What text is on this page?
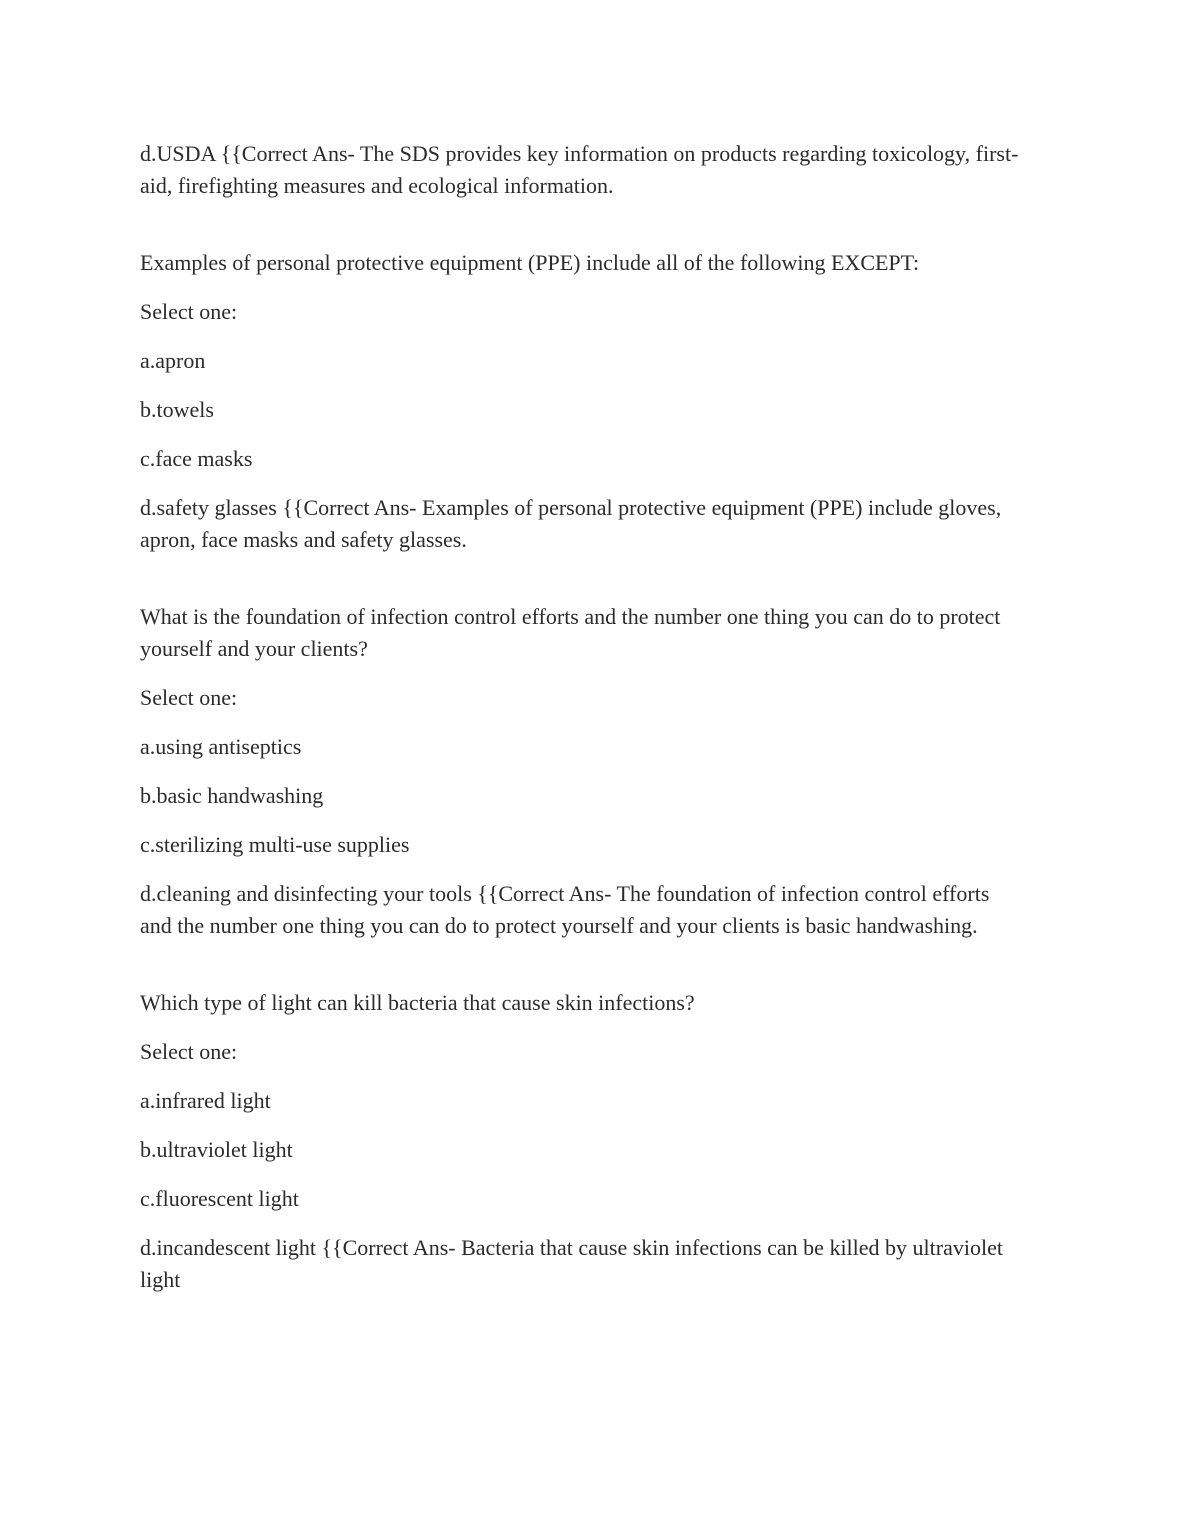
d.USDA {{Correct Ans- The SDS provides key information on products regarding toxicology, first-aid, firefighting measures and ecological information.

Examples of personal protective equipment (PPE) include all of the following EXCEPT:

Select one:

a.apron

b.towels

c.face masks

d.safety glasses {{Correct Ans- Examples of personal protective equipment (PPE) include gloves, apron, face masks and safety glasses.

What is the foundation of infection control efforts and the number one thing you can do to protect yourself and your clients?

Select one:

a.using antiseptics

b.basic handwashing

c.sterilizing multi-use supplies

d.cleaning and disinfecting your tools {{Correct Ans- The foundation of infection control efforts and the number one thing you can do to protect yourself and your clients is basic handwashing.

Which type of light can kill bacteria that cause skin infections?

Select one:

a.infrared light

b.ultraviolet light

c.fluorescent light

d.incandescent light {{Correct Ans- Bacteria that cause skin infections can be killed by ultraviolet light
